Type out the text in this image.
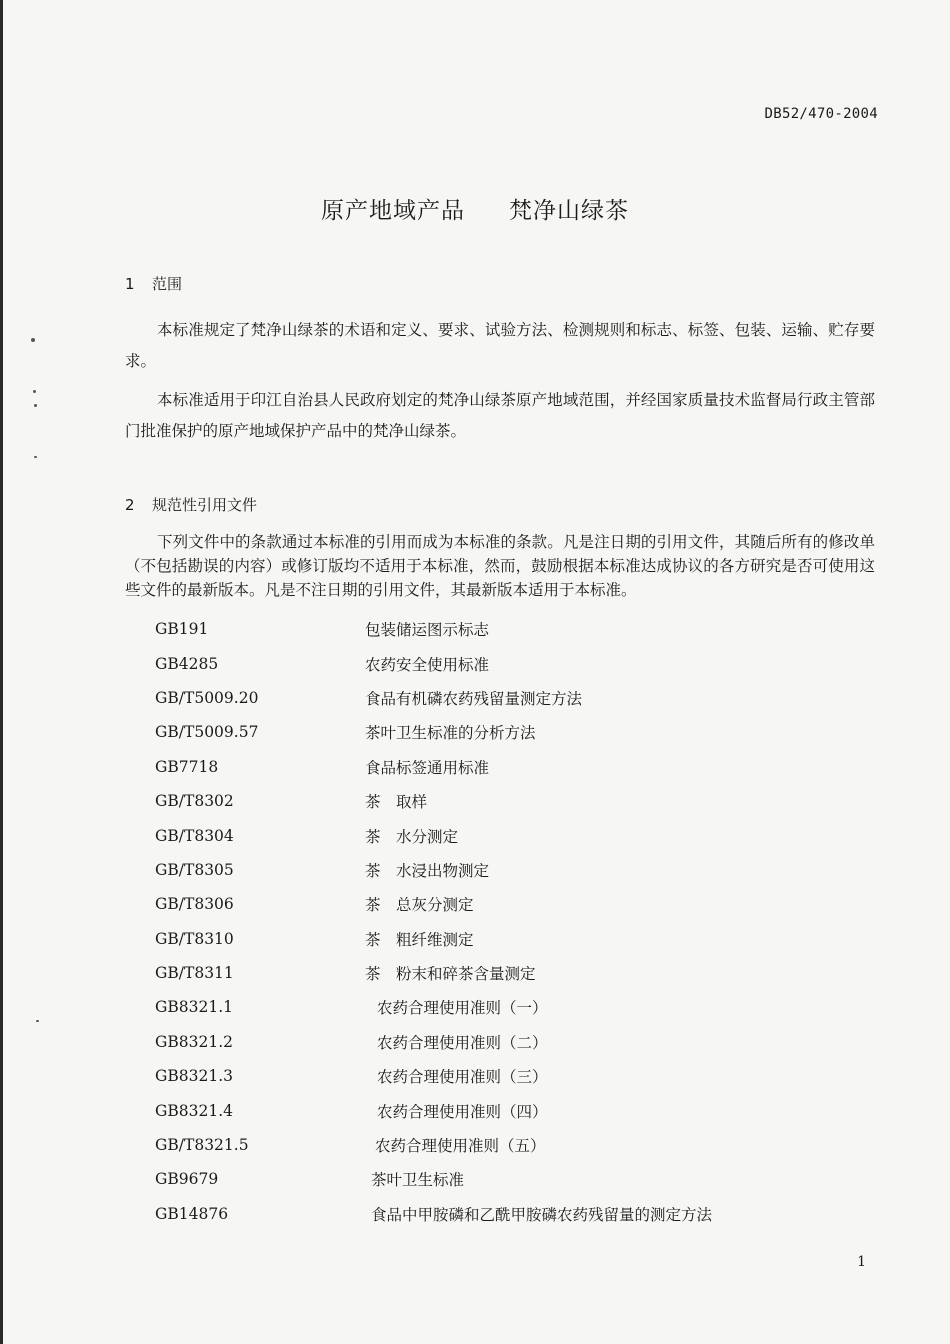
DB52/470-2004
原产地域产品 梵净山绿茶
1 范围

本标准规定了梵净山绿茶的术语和定义、要求、试验方法、检测规则和标志、标签、包装、运输、贮存要求。

本标准适用于印江自治县人民政府划定的梵净山绿茶原产地域范围，并经国家质量技术监督局行政主管部门批准保护的原产地域保护产品中的梵净山绿茶。

2 规范性引用文件

下列文件中的条款通过本标准的引用而成为本标准的条款。凡是注日期的引用文件，其随后所有的修改单（不包括勘误的内容）或修订版均不适用于本标准，然而，鼓励根据本标准达成协议的各方研究是否可使用这些文件的最新版本。凡是不注日期的引用文件，其最新版本适用于本标准。

GB191	包装储运图示标志
GB4285	农药安全使用标准
GB/T5009.20	食品有机磷农药残留量测定方法
GB/T5009.57	茶叶卫生标准的分析方法
GB7718	食品标签通用标准
GB/T8302	茶　取样
GB/T8304	茶　水分测定
GB/T8305	茶　水浸出物测定
GB/T8306	茶　总灰分测定
GB/T8310	茶　粗纤维测定
GB/T8311	茶　粉末和碎茶含量测定
GB8321.1	农药合理使用准则（一）
GB8321.2	农药合理使用准则（二）
GB8321.3	农药合理使用准则（三）
GB8321.4	农药合理使用准则（四）
GB/T8321.5	农药合理使用准则（五）
GB9679	茶叶卫生标准
GB14876	食品中甲胺磷和乙酰甲胺磷农药残留量的测定方法
1
